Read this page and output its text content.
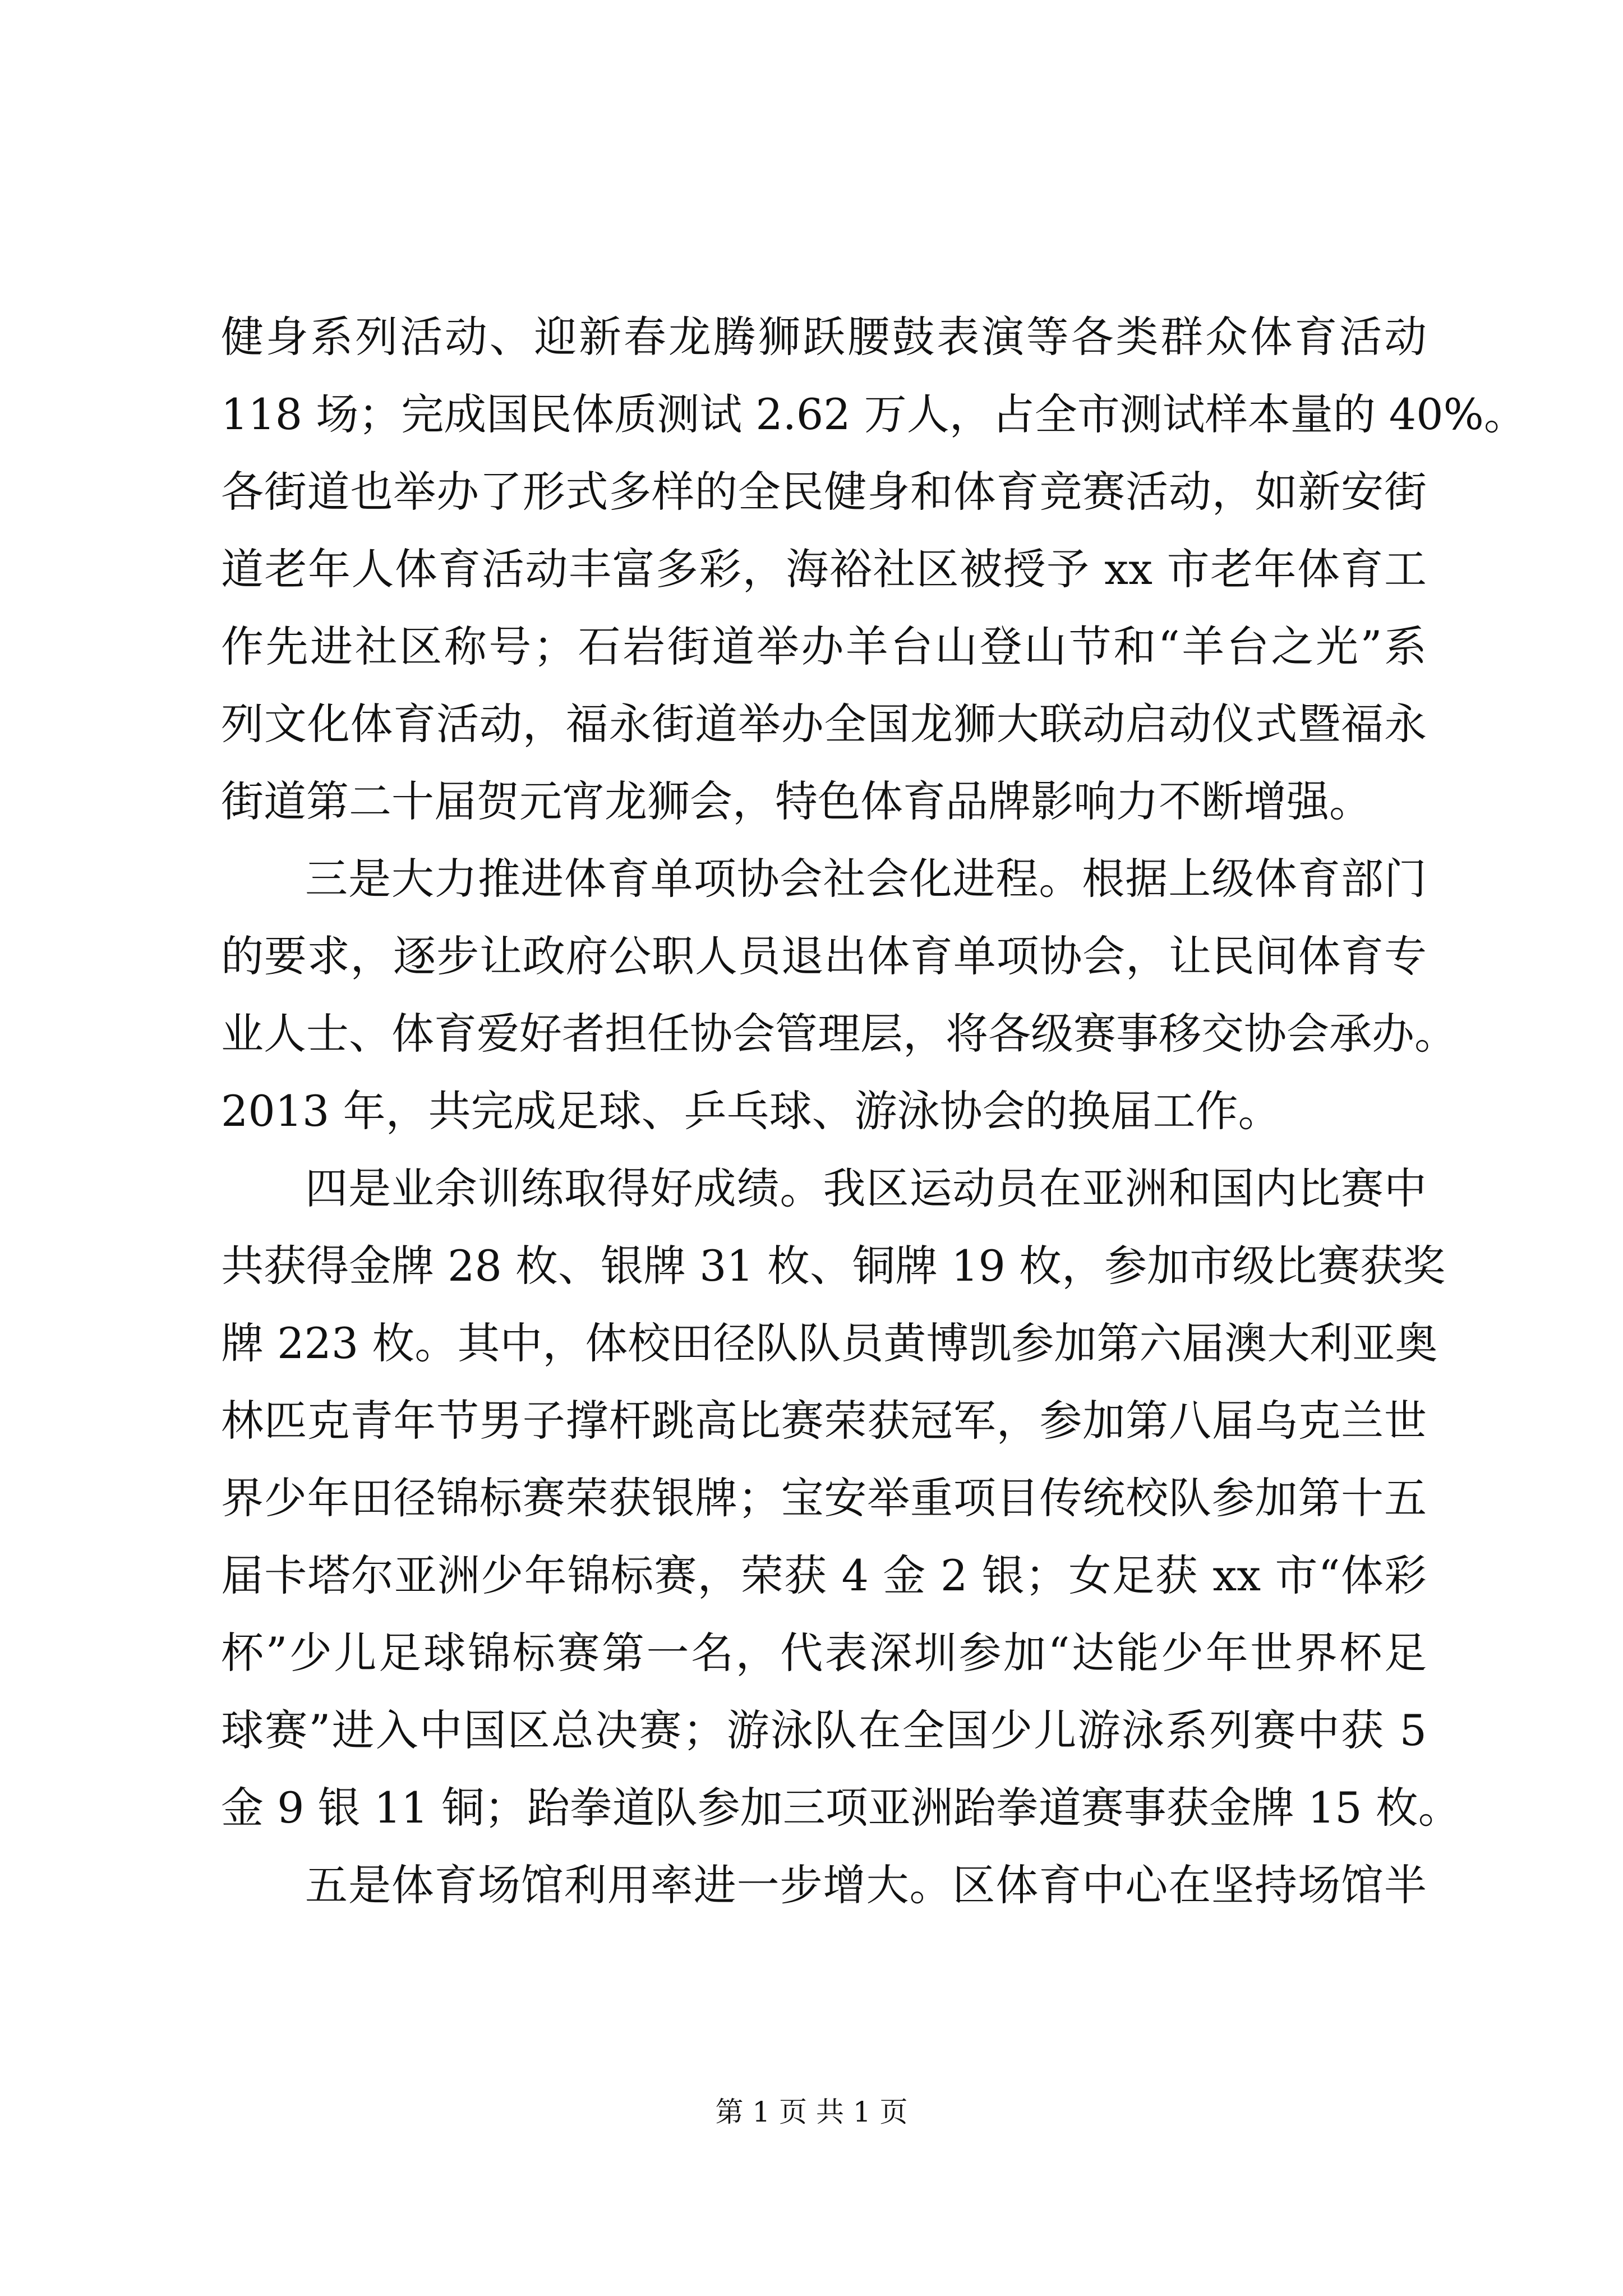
健身系列活动、迎新春龙腾狮跃腰鼓表演等各类群众体育活动

118 场；完成国民体质测试 2.62 万人，占全市测试样本量的 40%。

各街道也举办了形式多样的全民健身和体育竞赛活动，如新安街

道老年人体育活动丰富多彩，海裕社区被授予 xx 市老年体育工

作先进社区称号；石岩街道举办羊台山登山节和“羊台之光”系

列文化体育活动，福永街道举办全国龙狮大联动启动仪式暨福永

街道第二十届贺元宵龙狮会，特色体育品牌影响力不断增强。

三是大力推进体育单项协会社会化进程。根据上级体育部门

的要求，逐步让政府公职人员退出体育单项协会，让民间体育专

业人士、体育爱好者担任协会管理层，将各级赛事移交协会承办。

2013 年，共完成足球、乒乓球、游泳协会的换届工作。

四是业余训练取得好成绩。我区运动员在亚洲和国内比赛中

共获得金牌 28 枚、银牌 31 枚、铜牌 19 枚，参加市级比赛获奖

牌 223 枚。其中，体校田径队队员黄博凯参加第六届澳大利亚奥

林匹克青年节男子撑杆跳高比赛荣获冠军，参加第八届乌克兰世

界少年田径锦标赛荣获银牌；宝安举重项目传统校队参加第十五

届卡塔尔亚洲少年锦标赛，荣获 4 金 2 银；女足获 xx 市“体彩

杯”少儿足球锦标赛第一名，代表深圳参加“达能少年世界杯足

球赛”进入中国区总决赛；游泳队在全国少儿游泳系列赛中获 5

金 9 银 11 铜；跆拳道队参加三项亚洲跆拳道赛事获金牌 15 枚。

五是体育场馆利用率进一步增大。区体育中心在坚持场馆半

第 1 页 共 1 页
